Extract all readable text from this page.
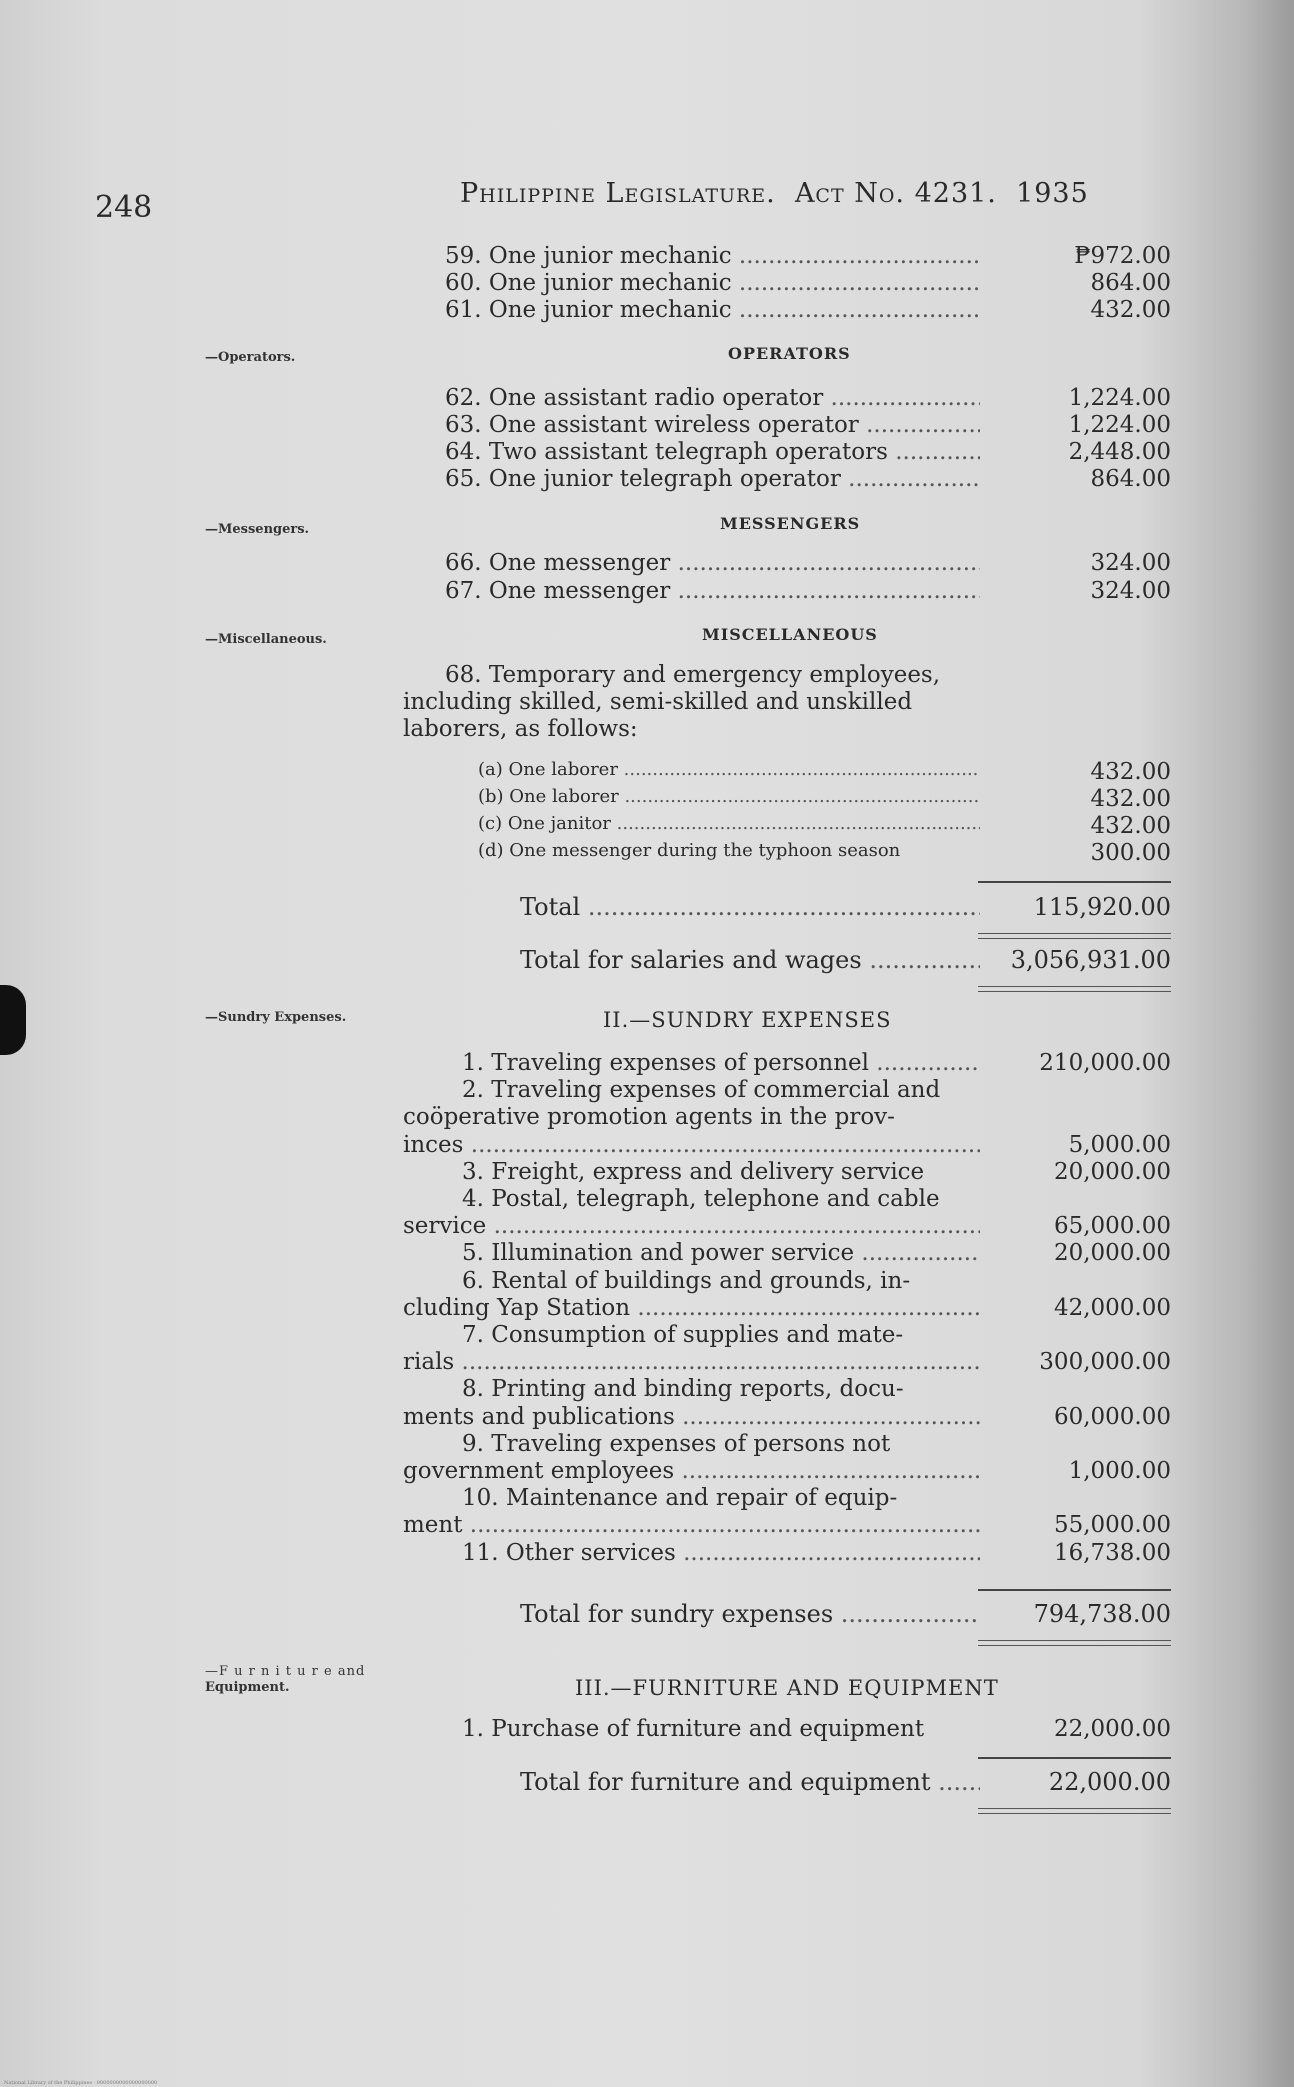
248	Philippine Legislature. Act No. 4231. 1935
59. One junior mechanic .....	₱972.00
60. One junior mechanic .....	864.00
61. One junior mechanic .....	432.00
—Operators.	OPERATORS
62. One assistant radio operator .....	1,224.00
63. One assistant wireless operator .....	1,224.00
64. Two assistant telegraph operators .....	2,448.00
65. One junior telegraph operator .....	864.00
—Messengers.	MESSENGERS
66. One messenger .....	324.00
67. One messenger .....	324.00
—Miscellaneous.	MISCELLANEOUS
68. Temporary and emergency employees,
including skilled, semi-skilled and unskilled
laborers, as follows:
(a) One laborer .....	432.00
(b) One laborer .....	432.00
(c) One janitor .....	432.00
(d) One messenger during the typhoon season	300.00
Total .....	115,920.00
Total for salaries and wages .....	3,056,931.00
—Sundry Expenses.	II.—SUNDRY EXPENSES
1. Traveling expenses of personnel .....	210,000.00
2. Traveling expenses of commercial and
coöperative promotion agents in the prov-
inces .....	5,000.00
3. Freight, express and delivery service	20,000.00
4. Postal, telegraph, telephone and cable
service .....	65,000.00
5. Illumination and power service .....	20,000.00
6. Rental of buildings and grounds, in-
cluding Yap Station .....	42,000.00
7. Consumption of supplies and mate-
rials .....	300,000.00
8. Printing and binding reports, docu-
ments and publications .....	60,000.00
9. Traveling expenses of persons not
government employees .....	1,000.00
10. Maintenance and repair of equip-
ment .....	55,000.00
11. Other services .....	16,738.00
Total for sundry expenses .....	794,738.00
—F u r n i t u r e and
Equipment.	III.—FURNITURE AND EQUIPMENT
1. Purchase of furniture and equipment	22,000.00
Total for furniture and equipment .....	22,000.00
National Library of the Philippines · 0000000000000000000
